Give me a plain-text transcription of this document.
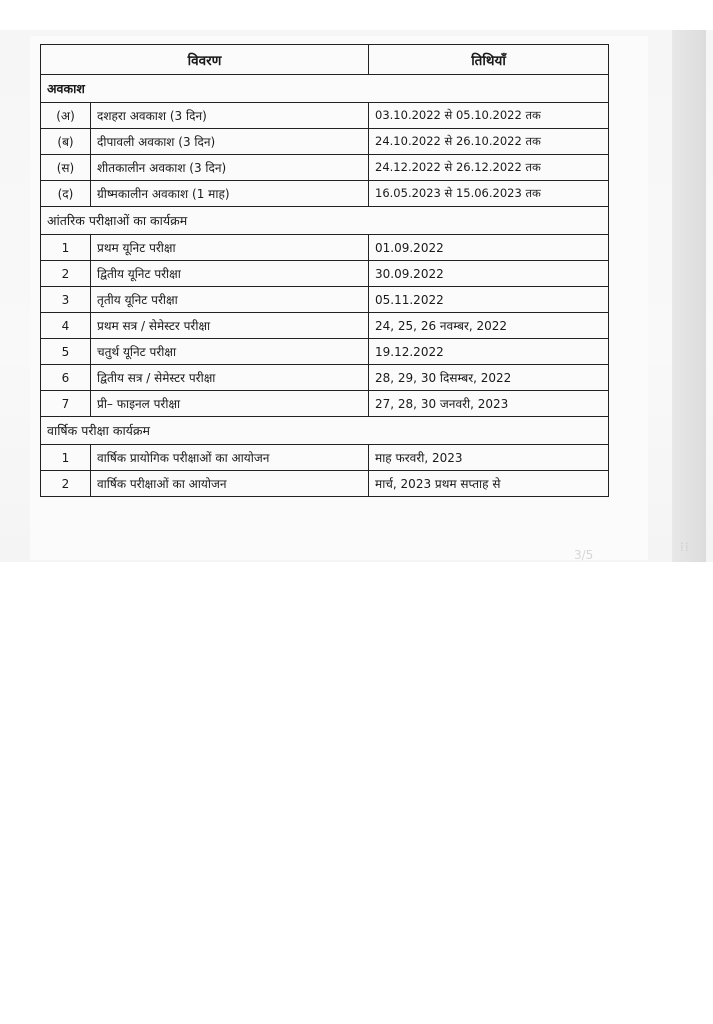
विवरण		तिथियाँ
अवकाश		
(अ)	दशहरा अवकाश (3 दिन)	03.10.2022 से 05.10.2022 तक
(ब)	दीपावली अवकाश (3 दिन)	24.10.2022 से 26.10.2022 तक
(स)	शीतकालीन अवकाश (3 दिन)	24.12.2022 से 26.12.2022 तक
(द)	ग्रीष्मकालीन अवकाश (1 माह)	16.05.2023 से 15.06.2023 तक
आंतरिक परीक्षाओं का कार्यक्रम		
1	प्रथम यूनिट परीक्षा	01.09.2022
2	द्वितीय यूनिट परीक्षा	30.09.2022
3	तृतीय यूनिट परीक्षा	05.11.2022
4	प्रथम सत्र / सेमेस्टर परीक्षा	24, 25, 26 नवम्बर, 2022
5	चतुर्थ यूनिट परीक्षा	19.12.2022
6	द्वितीय सत्र / सेमेस्टर परीक्षा	28, 29, 30 दिसम्बर, 2022
7	प्री– फाइनल परीक्षा	27, 28, 30 जनवरी, 2023
वार्षिक परीक्षा कार्यक्रम		
1	वार्षिक प्रायोगिक परीक्षाओं का आयोजन	माह फरवरी, 2023
2	वार्षिक परीक्षाओं का आयोजन	मार्च, 2023 प्रथम सप्ताह से
3/5
⁞⁞
